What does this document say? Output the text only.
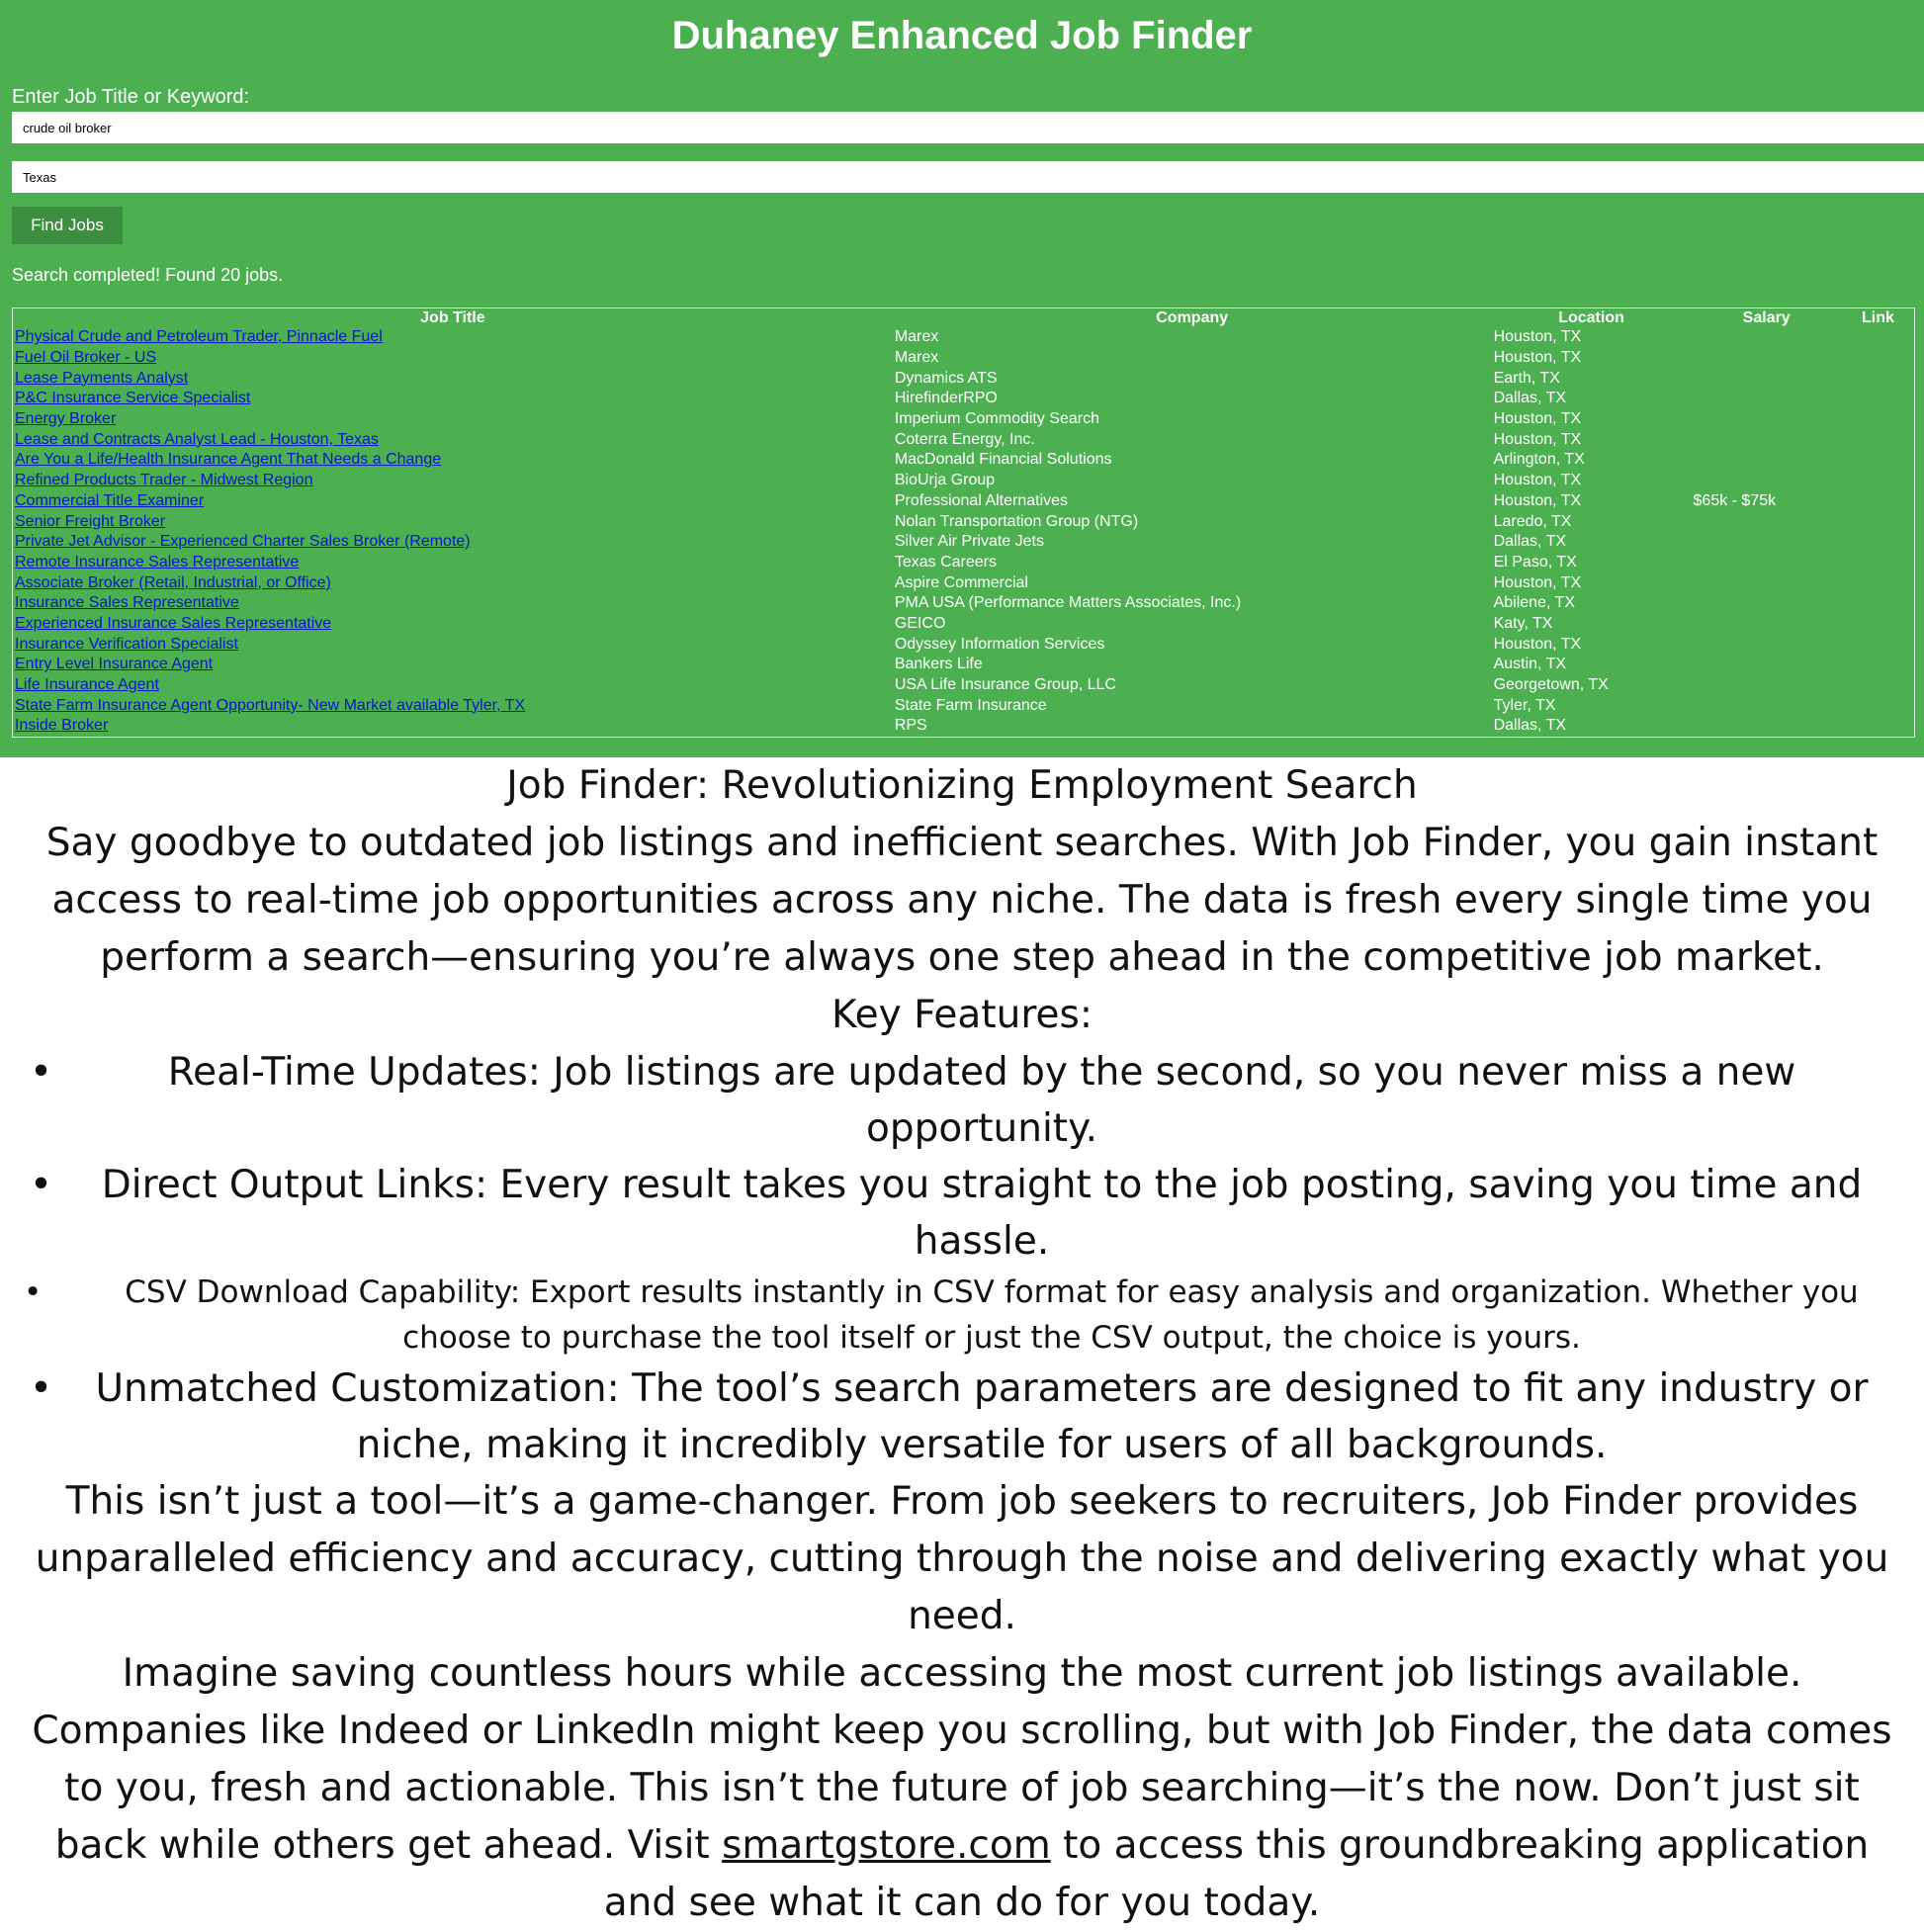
Duhaney Enhanced Job Finder
Enter Job Title or Keyword:
crude oil broker
Texas
Find Jobs
Search completed! Found 20 jobs.
Job Title	Company	Location	Salary	Link
Physical Crude and Petroleum Trader, Pinnacle Fuel	Marex	Houston, TX		
Fuel Oil Broker - US	Marex	Houston, TX		
Lease Payments Analyst	Dynamics ATS	Earth, TX		
P&C Insurance Service Specialist	HirefinderRPO	Dallas, TX		
Energy Broker	Imperium Commodity Search	Houston, TX		
Lease and Contracts Analyst Lead - Houston, Texas	Coterra Energy, Inc.	Houston, TX		
Are You a Life/Health Insurance Agent That Needs a Change	MacDonald Financial Solutions	Arlington, TX		
Refined Products Trader - Midwest Region	BioUrja Group	Houston, TX		
Commercial Title Examiner	Professional Alternatives	Houston, TX	$65k - $75k	
Senior Freight Broker	Nolan Transportation Group (NTG)	Laredo, TX		
Private Jet Advisor - Experienced Charter Sales Broker (Remote)	Silver Air Private Jets	Dallas, TX		
Remote Insurance Sales Representative	Texas Careers	El Paso, TX		
Associate Broker (Retail, Industrial, or Office)	Aspire Commercial	Houston, TX		
Insurance Sales Representative	PMA USA (Performance Matters Associates, Inc.)	Abilene, TX		
Experienced Insurance Sales Representative	GEICO	Katy, TX		
Insurance Verification Specialist	Odyssey Information Services	Houston, TX		
Entry Level Insurance Agent	Bankers Life	Austin, TX		
Life Insurance Agent	USA Life Insurance Group, LLC	Georgetown, TX		
State Farm Insurance Agent Opportunity- New Market available Tyler, TX	State Farm Insurance	Tyler, TX		
Inside Broker	RPS	Dallas, TX		

Job Finder: Revolutionizing Employment Search

Say goodbye to outdated job listings and inefficient searches. With Job Finder, you gain instant access to real-time job opportunities across any niche. The data is fresh every single time you perform a search—ensuring you’re always one step ahead in the competitive job market.

Key Features:

•	Real-Time Updates: Job listings are updated by the second, so you never miss a new opportunity.
• Direct Output Links: Every result takes you straight to the job posting, saving you time and hassle.
•	CSV Download Capability: Export results instantly in CSV format for easy analysis and organization. Whether you choose to purchase the tool itself or just the CSV output, the choice is yours.
• Unmatched Customization: The tool’s search parameters are designed to fit any industry or niche, making it incredibly versatile for users of all backgrounds.

This isn’t just a tool—it’s a game-changer. From job seekers to recruiters, Job Finder provides unparalleled efficiency and accuracy, cutting through the noise and delivering exactly what you need.

Imagine saving countless hours while accessing the most current job listings available. Companies like Indeed or LinkedIn might keep you scrolling, but with Job Finder, the data comes to you, fresh and actionable. This isn’t the future of job searching—it’s the now. Don’t just sit back while others get ahead. Visit smartgstore.com to access this groundbreaking application and see what it can do for you today.
